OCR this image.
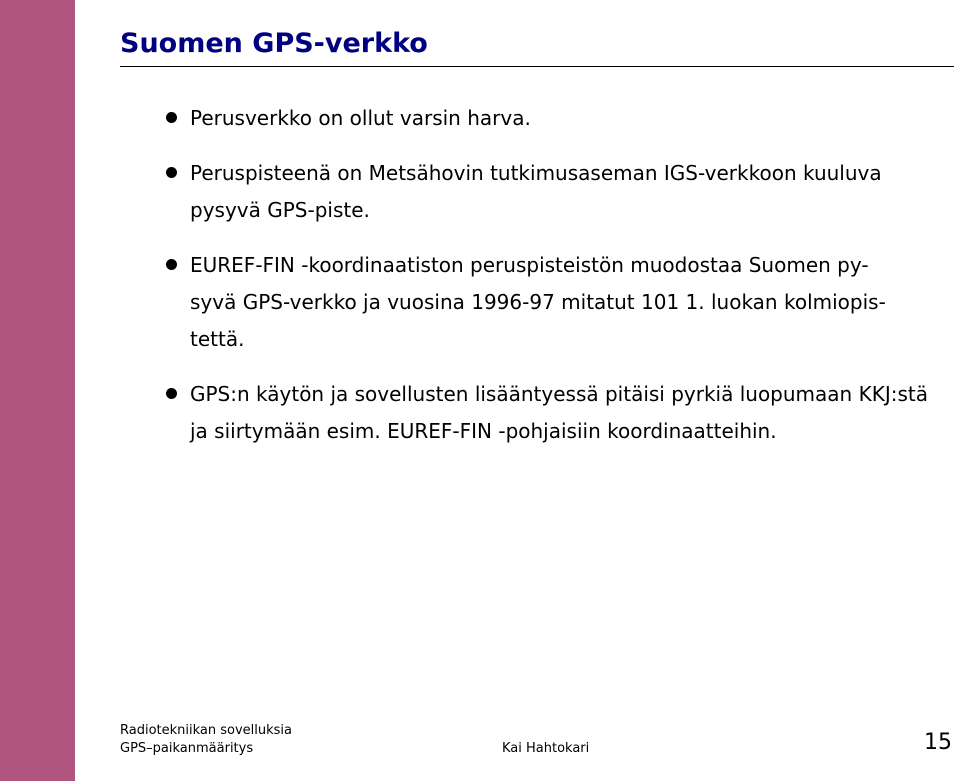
Suomen GPS-verkko
Perusverkko on ollut varsin harva.
Peruspisteenä on Metsähovin tutkimusaseman IGS-verkkoon kuuluva
pysyvä GPS-piste.
EUREF-FIN -koordinaatiston peruspisteistön muodostaa Suomen py-
syvä GPS-verkko ja vuosina 1996-97 mitatut 101 1. luokan kolmiopis-
tettä.
GPS:n käytön ja sovellusten lisääntyessä pitäisi pyrkiä luopumaan KKJ:stä
ja siirtymään esim. EUREF-FIN -pohjaisiin koordinaatteihin.
Radiotekniikan sovelluksia
GPS–paikanmääritys	Kai Hahtokari	15
